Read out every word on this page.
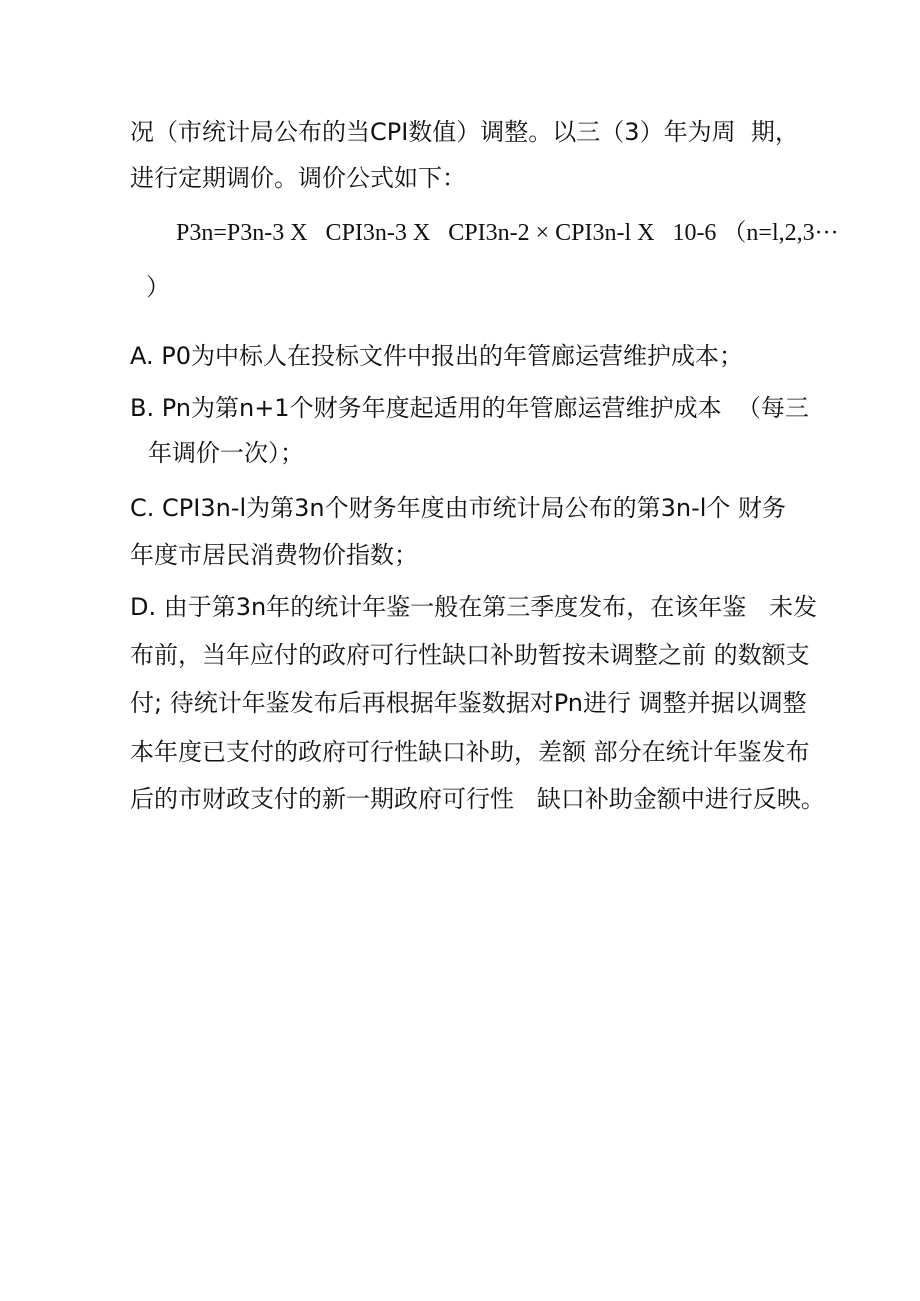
况（市统计局公布的当CPI数值）调整。以三（3）年为周  期，
进行定期调价。调价公式如下：
P3n=P3n-3 X   CPI3n-3 X   CPI3n-2 × CPI3n-l X   10-6 （n=l,2,3···
）
A. P0为中标人在投标文件中报出的年管廊运营维护成本；
B. Pn为第n+1个财务年度起适用的年管廊运营维护成本  （每三
年调价一次）；
C. CPI3n-l为第3n个财务年度由市统计局公布的第3n-l个 财务
年度市居民消费物价指数；
D. 由于第3n年的统计年鉴一般在第三季度发布，在该年鉴   未发
布前，当年应付的政府可行性缺口补助暂按未调整之前 的数额支
付; 待统计年鉴发布后再根据年鉴数据对Pn进行 调整并据以调整
本年度已支付的政府可行性缺口补助，差额 部分在统计年鉴发布
后的市财政支付的新一期政府可行性   缺口补助金额中进行反映。
